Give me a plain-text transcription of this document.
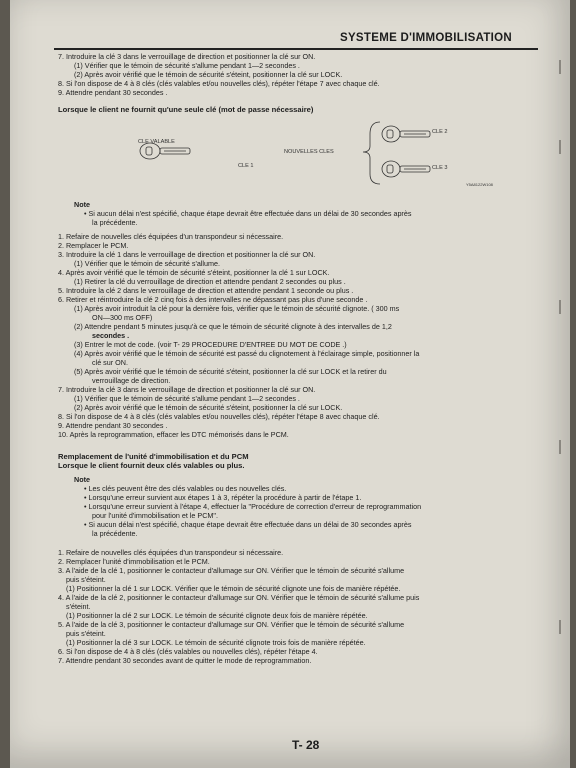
SYSTEME D'IMMOBILISATION
7. Introduire la clé 3 dans le verrouillage de direction et positionner la clé sur ON.
(1) Vérifier que le témoin de sécurité s'allume pendant 1—2 secondes .
(2) Après avoir vérifié que le témoin de sécurité s'éteint, positionner la clé sur LOCK.
8. Si l'on dispose de 4 à 8 clés (clés valables et/ou nouvelles clés), répéter l'étape 7 avec chaque clé.
9. Attendre pendant 30 secondes .
Lorsque le client ne fournit qu'une seule clé (mot de passe nécessaire)
CLE VALABLE
CLE 1
NOUVELLES CLES
CLE 2
CLE 3
Y5A8122W108
Note
• Si aucun délai n'est spécifié, chaque étape devrait être effectuée dans un délai de 30 secondes après
la précédente.
1. Refaire de nouvelles clés équipées d'un transpondeur si nécessaire.
2. Remplacer le PCM.
3. Introduire la clé 1 dans le verrouillage de direction et positionner la clé sur ON.
(1) Vérifier que le témoin de sécurité s'allume.
4. Après avoir vérifié que le témoin de sécurité s'éteint, positionner la clé 1 sur LOCK.
(1) Retirer la clé du verrouillage de direction et attendre pendant 2 secondes ou plus .
5. Introduire la clé 2 dans le verrouillage de direction et attendre pendant 1 seconde ou plus .
6. Retirer et réintroduire la clé 2 cinq fois à des intervalles ne dépassant pas plus d'une seconde .
(1) Après avoir introduit la clé pour la dernière fois, vérifier que le témoin de sécurité clignote. ( 300 ms
ON—300 ms OFF)
(2) Attendre pendant 5 minutes jusqu'à ce que le témoin de sécurité clignote à des intervalles de 1,2
secondes .
(3) Entrer le mot de code. (voir T- 29 PROCEDURE D'ENTREE DU MOT DE CODE .)
(4) Après avoir vérifié que le témoin de sécurité est passé du clignotement à l'éclairage simple, positionner la
clé sur ON.
(5) Après avoir vérifié que le témoin de sécurité s'éteint, positionner la clé sur LOCK et la retirer du
verrouillage de direction.
7. Introduire la clé 3 dans le verrouillage de direction et positionner la clé sur ON.
(1) Vérifier que le témoin de sécurité s'allume pendant 1—2 secondes .
(2) Après avoir vérifié que le témoin de sécurité s'éteint, positionner la clé sur LOCK.
8. Si l'on dispose de 4 à 8 clés (clés valables et/ou nouvelles clés), répéter l'étape 8 avec chaque clé.
9. Attendre pendant 30 secondes .
10. Après la reprogrammation, effacer les DTC mémorisés dans le PCM.
Remplacement de l'unité d'immobilisation et du PCM
Lorsque le client fournit deux clés valables ou plus.
Note
• Les clés peuvent être des clés valables ou des nouvelles clés.
• Lorsqu'une erreur survient aux étapes 1 à 3, répéter la procédure à partir de l'étape 1.
• Lorsqu'une erreur survient à l'étape 4, effectuer la "Procédure de correction d'erreur de reprogrammation
pour l'unité d'immobilisation et le PCM".
• Si aucun délai n'est spécifié, chaque étape devrait être effectuée dans un délai de 30 secondes après
la précédente.
1. Refaire de nouvelles clés équipées d'un transpondeur si nécessaire.
2. Remplacer l'unité d'immobilisation et le PCM.
3. A l'aide de la clé 1, positionner le contacteur d'allumage sur ON. Vérifier que le témoin de sécurité s'allume
puis s'éteint.
(1) Positionner la clé 1 sur LOCK. Vérifier que le témoin de sécurité clignote une fois de manière répétée.
4. A l'aide de la clé 2, positionner le contacteur d'allumage sur ON. Vérifier que le témoin de sécurité s'allume puis
s'éteint.
(1) Positionner la clé 2 sur LOCK. Le témoin de sécurité clignote deux fois de manière répétée.
5. A l'aide de la clé 3, positionner le contacteur d'allumage sur ON. Vérifier que le témoin de sécurité s'allume
puis s'éteint.
(1) Positionner la clé 3 sur LOCK. Le témoin de sécurité clignote trois fois de manière répétée.
6. Si l'on dispose de 4 à 8 clés (clés valables ou nouvelles clés), répéter l'étape 4.
7. Attendre pendant 30 secondes avant de quitter le mode de reprogrammation.
T- 28
